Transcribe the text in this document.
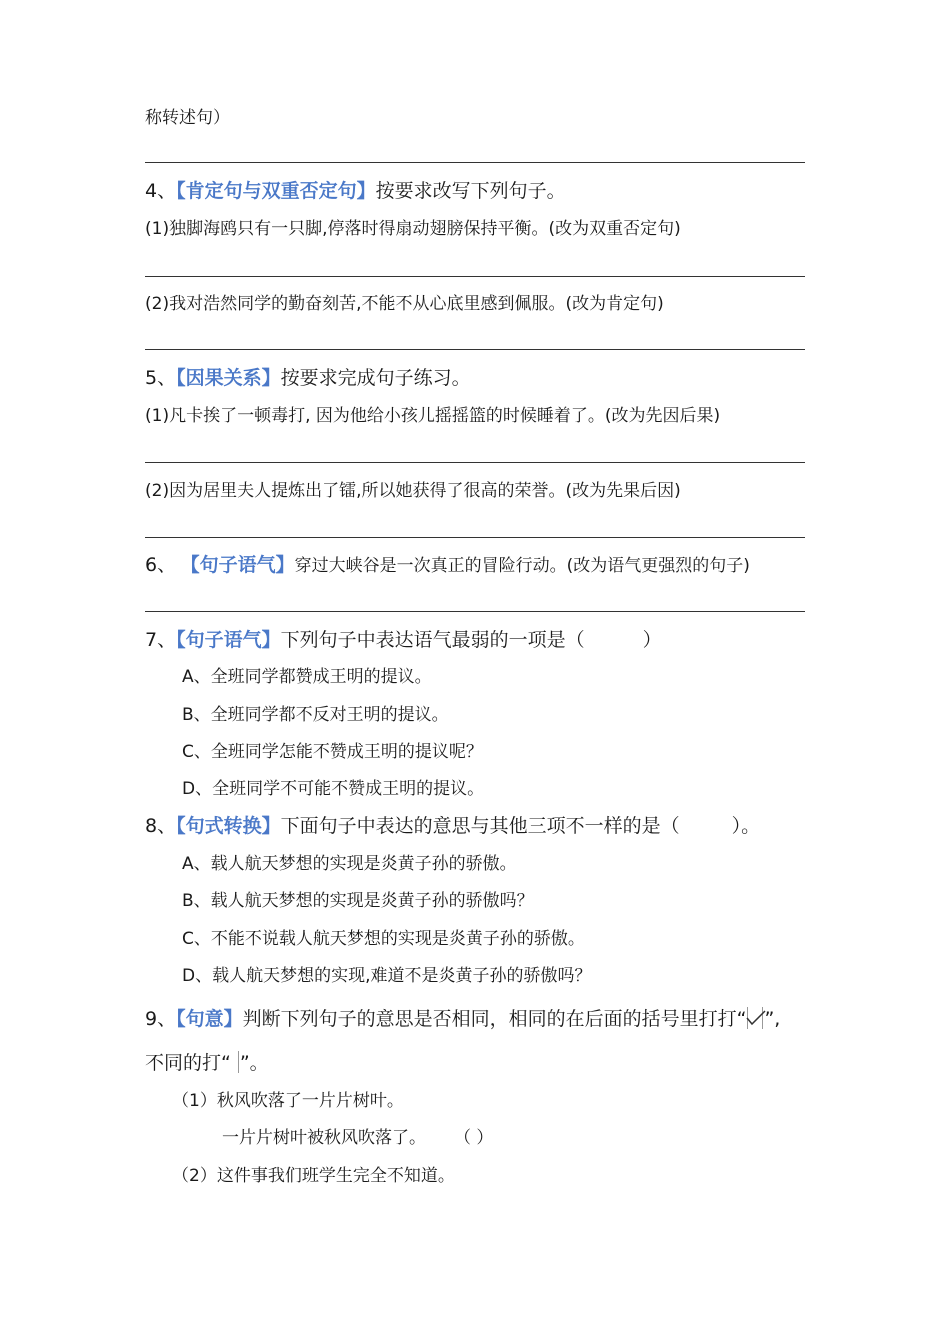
称转述句）
4、【肯定句与双重否定句】按要求改写下列句子。
(1)独脚海鸥只有一只脚,停落时得扇动翅膀保持平衡。(改为双重否定句)
(2)我对浩然同学的勤奋刻苦,不能不从心底里感到佩服。(改为肯定句)
5、【因果关系】按要求完成句子练习。
(1)凡卡挨了一顿毒打, 因为他给小孩儿摇摇篮的时候睡着了。(改为先因后果)
(2)因为居里夫人提炼出了镭,所以她获得了很高的荣誉。(改为先果后因)
6、 【句子语气】穿过大峡谷是一次真正的冒险行动。(改为语气更强烈的句子)
7、【句子语气】下列句子中表达语气最弱的一项是（	）
A、全班同学都赞成王明的提议。
B、全班同学都不反对王明的提议。
C、全班同学怎能不赞成王明的提议呢？
D、全班同学不可能不赞成王明的提议。
8、【句式转换】下面句子中表达的意思与其他三项不一样的是（	）。
A、载人航天梦想的实现是炎黄子孙的骄傲。
B、载人航天梦想的实现是炎黄子孙的骄傲吗？
C、不能不说载人航天梦想的实现是炎黄子孙的骄傲。
D、载人航天梦想的实现,难道不是炎黄子孙的骄傲吗？
9、【句意】判断下列句子的意思是否相同，相同的在后面的括号里打打“ ”,
不同的打“ ”。
（1）秋风吹落了一片片树叶。
一片片树叶被秋风吹落了。 （ ）
（2）这件事我们班学生完全不知道。
